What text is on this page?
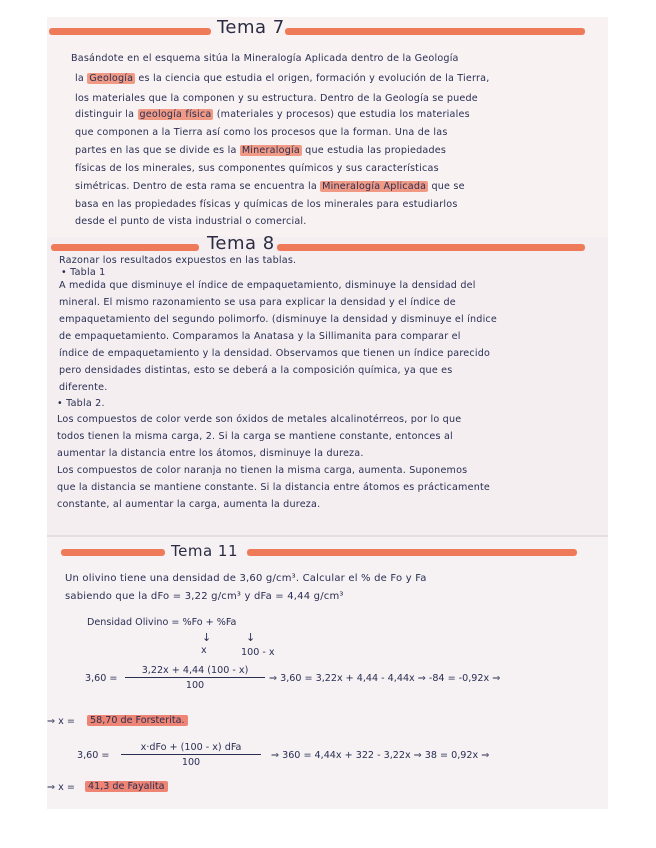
Tema 7
Basándote en el esquema sitúa la Mineralogía Aplicada dentro de la Geología
la Geología es la ciencia que estudia el origen, formación y evolución de la Tierra,
los materiales que la componen y su estructura. Dentro de la Geología se puede
distinguir la geología física (materiales y procesos) que estudia los materiales
que componen a la Tierra así como los procesos que la forman. Una de las
partes en las que se divide es la Mineralogía que estudia las propiedades
físicas de los minerales, sus componentes químicos y sus características
simétricas. Dentro de esta rama se encuentra la Mineralogía Aplicada que se
basa en las propiedades físicas y químicas de los minerales para estudiarlos
desde el punto de vista industrial o comercial.
Tema 8
Razonar los resultados expuestos en las tablas.
• Tabla 1
A medida que disminuye el índice de empaquetamiento, disminuye la densidad del
mineral. El mismo razonamiento se usa para explicar la densidad y el índice de
empaquetamiento del segundo polimorfo. (disminuye la densidad y disminuye el índice
de empaquetamiento. Comparamos la Anatasa y la Sillimanita para comparar el
índice de empaquetamiento y la densidad. Observamos que tienen un índice parecido
pero densidades distintas, esto se deberá a la composición química, ya que es
diferente.
• Tabla 2.
Los compuestos de color verde son óxidos de metales alcalinotérreos, por lo que
todos tienen la misma carga, 2. Si la carga se mantiene constante, entonces al
aumentar la distancia entre los átomos, disminuye la dureza.
Los compuestos de color naranja no tienen la misma carga, aumenta. Suponemos
que la distancia se mantiene constante. Si la distancia entre átomos es prácticamente
constante, al aumentar la carga, aumenta la dureza.
Tema 11
Un olivino tiene una densidad de 3,60 g/cm³. Calcular el % de Fo y Fa
sabiendo que la dFo = 3,22 g/cm³ y dFa = 4,44 g/cm³
Densidad Olivino = %Fo + %Fa
↓	↓
x	100 - x
$3,60 = \frac{3,22x + 4,44 (100 - x)}{100}$ ⇒ 3,60 = 3,22x + 4,44 - 4,44x ⇒ -84 = -0,92x ⇒
⇒ x =	58,70 de Forsterita.
3,60 =
x·dFo + (100 - x) dFa
100
⇒ 360 = 4,44x + 322 - 3,22x ⇒ 38 = 0,92x ⇒
⇒ x =	41,3 de Fayalita
